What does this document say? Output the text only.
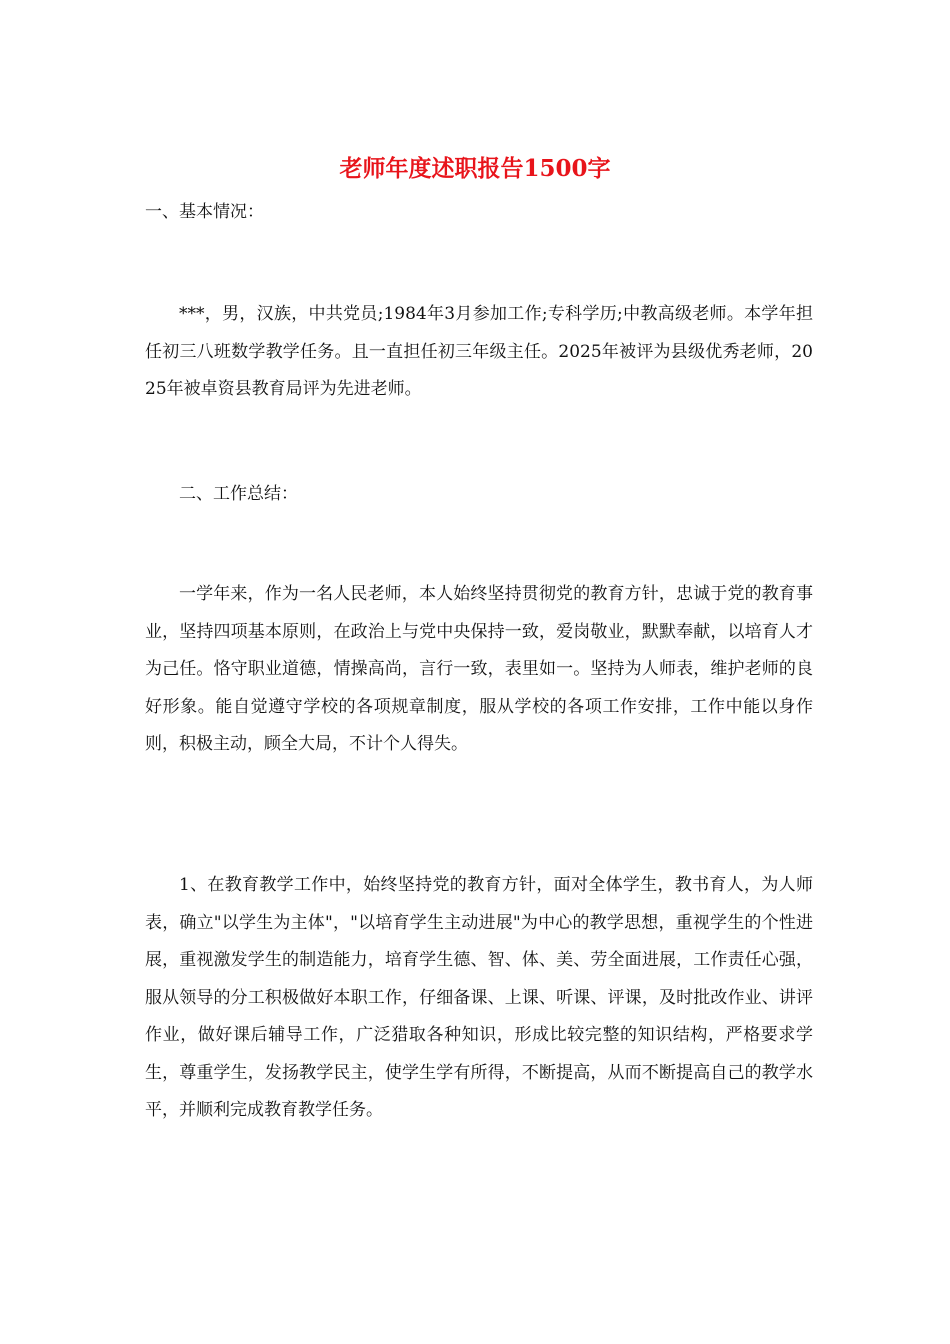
老师年度述职报告1500字

一、基本情况：

***，男，汉族，中共党员;1984年3月参加工作;专科学历;中教高级老师。本学年担任初三八班数学教学任务。且一直担任初三年级主任。2025年被评为县级优秀老师，2025年被卓资县教育局评为先进老师。

二、工作总结：

一学年来，作为一名人民老师，本人始终坚持贯彻党的教育方针，忠诚于党的教育事业，坚持四项基本原则，在政治上与党中央保持一致，爱岗敬业，默默奉献，以培育人才为己任。恪守职业道德，情操高尚，言行一致，表里如一。坚持为人师表，维护老师的良好形象。能自觉遵守学校的各项规章制度，服从学校的各项工作安排，工作中能以身作则，积极主动，顾全大局，不计个人得失。

1、在教育教学工作中，始终坚持党的教育方针，面对全体学生，教书育人，为人师表，确立"以学生为主体"，"以培育学生主动进展"为中心的教学思想，重视学生的个性进展，重视激发学生的制造能力，培育学生德、智、体、美、劳全面进展，工作责任心强，服从领导的分工积极做好本职工作，仔细备课、上课、听课、评课，及时批改作业、讲评作业，做好课后辅导工作，广泛猎取各种知识，形成比较完整的知识结构，严格要求学生，尊重学生，发扬教学民主，使学生学有所得，不断提高，从而不断提高自己的教学水平，并顺利完成教育教学任务。
